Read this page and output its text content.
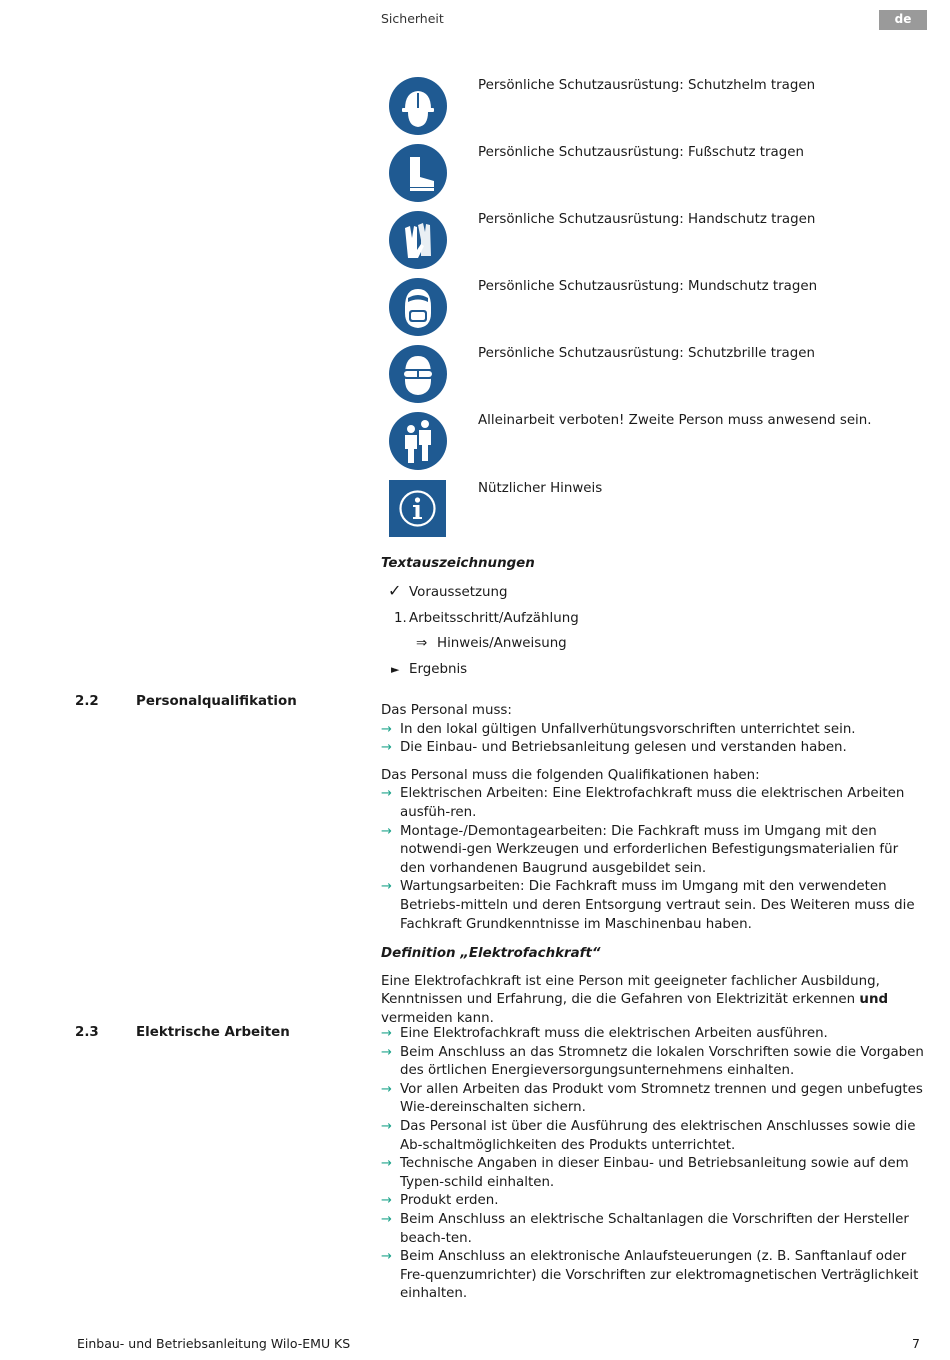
Sicherheit	de
Persönliche Schutzausrüstung: Schutzhelm tragen
Persönliche Schutzausrüstung: Fußschutz tragen
Persönliche Schutzausrüstung: Handschutz tragen
Persönliche Schutzausrüstung: Mundschutz tragen
Persönliche Schutzausrüstung: Schutzbrille tragen
Alleinarbeit verboten! Zweite Person muss anwesend sein.
Nützlicher Hinweis
Textauszeichnungen
✓ Voraussetzung
1. Arbeitsschritt/Aufzählung
⇒ Hinweis/Anweisung
► Ergebnis
2.2	Personalqualifikation
Das Personal muss:
→ In den lokal gültigen Unfallverhütungsvorschriften unterrichtet sein.
→ Die Einbau- und Betriebsanleitung gelesen und verstanden haben.
Das Personal muss die folgenden Qualifikationen haben:
→ Elektrischen Arbeiten: Eine Elektrofachkraft muss die elektrischen Arbeiten ausfüh-ren.
→ Montage-/Demontagearbeiten: Die Fachkraft muss im Umgang mit den notwendi-gen Werkzeugen und erforderlichen Befestigungsmaterialien für den vorhandenen Baugrund ausgebildet sein.
→ Wartungsarbeiten: Die Fachkraft muss im Umgang mit den verwendeten Betriebs-mitteln und deren Entsorgung vertraut sein. Des Weiteren muss die Fachkraft Grundkenntnisse im Maschinenbau haben.
Definition „Elektrofachkraft“
Eine Elektrofachkraft ist eine Person mit geeigneter fachlicher Ausbildung, Kenntnissen und Erfahrung, die die Gefahren von Elektrizität erkennen und vermeiden kann.
2.3	Elektrische Arbeiten	→ Eine Elektrofachkraft muss die elektrischen Arbeiten ausführen.
→ Beim Anschluss an das Stromnetz die lokalen Vorschriften sowie die Vorgaben des örtlichen Energieversorgungsunternehmens einhalten.
→ Vor allen Arbeiten das Produkt vom Stromnetz trennen und gegen unbefugtes Wie-dereinschalten sichern.
→ Das Personal ist über die Ausführung des elektrischen Anschlusses sowie die Ab-schaltmöglichkeiten des Produkts unterrichtet.
→ Technische Angaben in dieser Einbau- und Betriebsanleitung sowie auf dem Typen-schild einhalten.
→ Produkt erden.
→ Beim Anschluss an elektrische Schaltanlagen die Vorschriften der Hersteller beach-ten.
→ Beim Anschluss an elektronische Anlaufsteuerungen (z. B. Sanftanlauf oder Fre-quenzumrichter) die Vorschriften zur elektromagnetischen Verträglichkeit einhalten.
Einbau- und Betriebsanleitung Wilo-EMU KS	7
